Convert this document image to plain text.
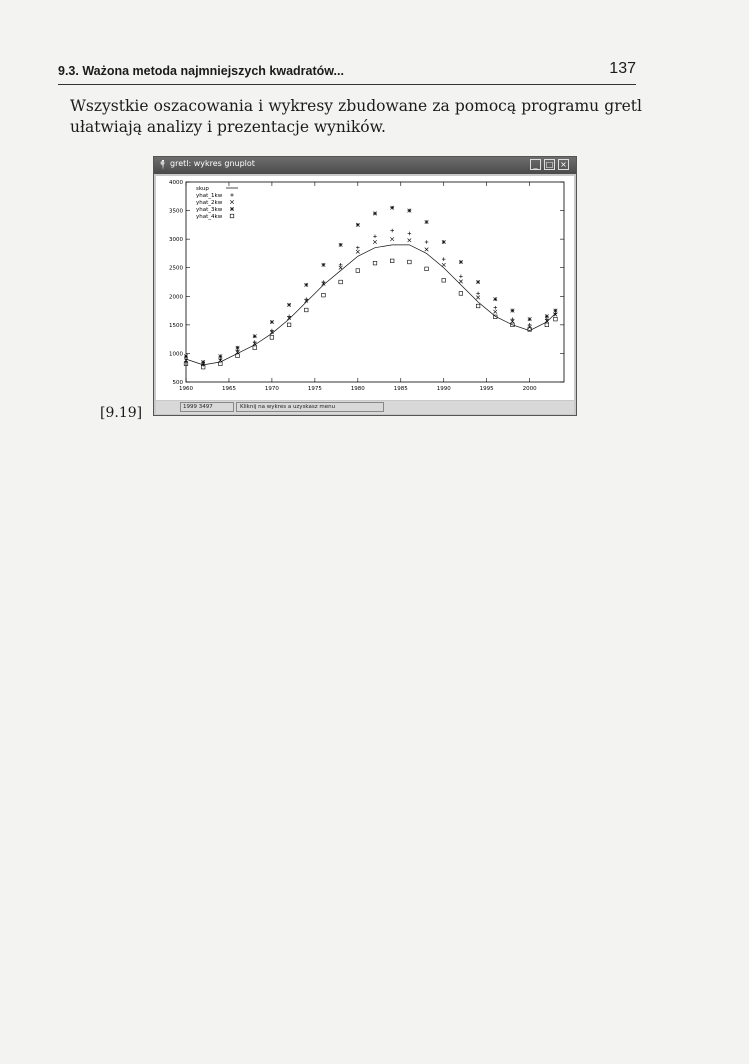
9.3. Ważona metoda najmniejszych kwadratów...	137

Wszystkie oszacowania i wykresy zbudowane za pomocą programu gretl ułatwiają analizy i prezentacje wyników.

gretl: wykres gnuplot	_	□ ×
500
1000
1500
2000
2500
3000
3500
4000
1960	1965	1970	1975	1980	1985	1990	1995	2000
skup
yhat_1kw
yhat_2kw
yhat_3kw
yhat_4kw
1999 3497	Kliknij na wykres a uzyskasz menu
[9.19]
